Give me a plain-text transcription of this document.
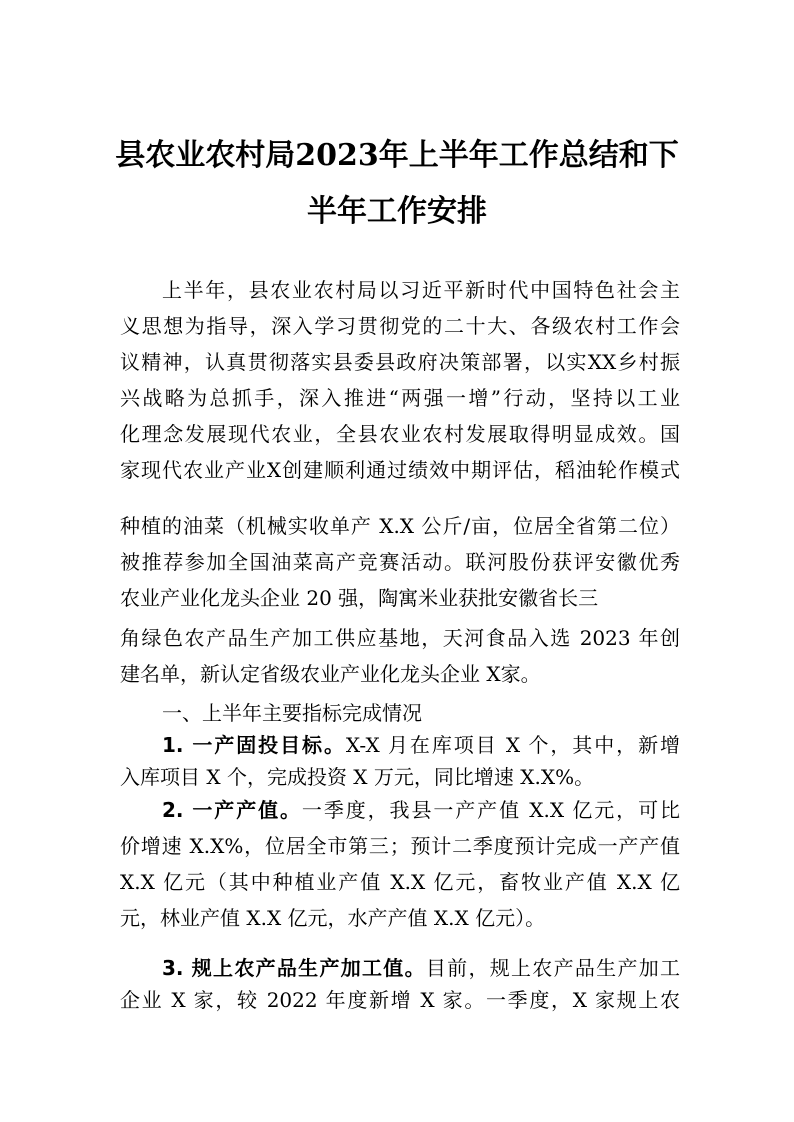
县农业农村局2023年上半年工作总结和下
半年工作安排
上半年，县农业农村局以习近平新时代中国特色社会主
义思想为指导，深入学习贯彻党的二十大、各级农村工作会
议精神，认真贯彻落实县委县政府决策部署，以实XX乡村振
兴战略为总抓手，深入推进“两强一增”行动，坚持以工业
化理念发展现代农业，全县农业农村发展取得明显成效。国
家现代农业产业X创建顺利通过绩效中期评估，稻油轮作模式
种植的油菜（机械实收单产 X.X 公斤/亩，位居全省第二位）
被推荐参加全国油菜高产竞赛活动。联河股份获评安徽优秀
农业产业化龙头企业 20 强，陶寓米业获批安徽省长三
角绿色农产品生产加工供应基地，天河食品入选 2023 年创
建名单，新认定省级农业产业化龙头企业 X家。
一、上半年主要指标完成情况
1. 一产固投目标。X-X 月在库项目 X 个，其中，新增
入库项目 X 个，完成投资 X 万元，同比增速 X.X%。
2. 一产产值。一季度，我县一产产值 X.X 亿元，可比
价增速 X.X%，位居全市第三；预计二季度预计完成一产产值
X.X 亿元（其中种植业产值 X.X 亿元，畜牧业产值 X.X 亿
元，林业产值 X.X 亿元，水产产值 X.X 亿元）。
3. 规上农产品生产加工值。目前，规上农产品生产加工
企业 X 家，较 2022 年度新增 X 家。一季度，X 家规上农
